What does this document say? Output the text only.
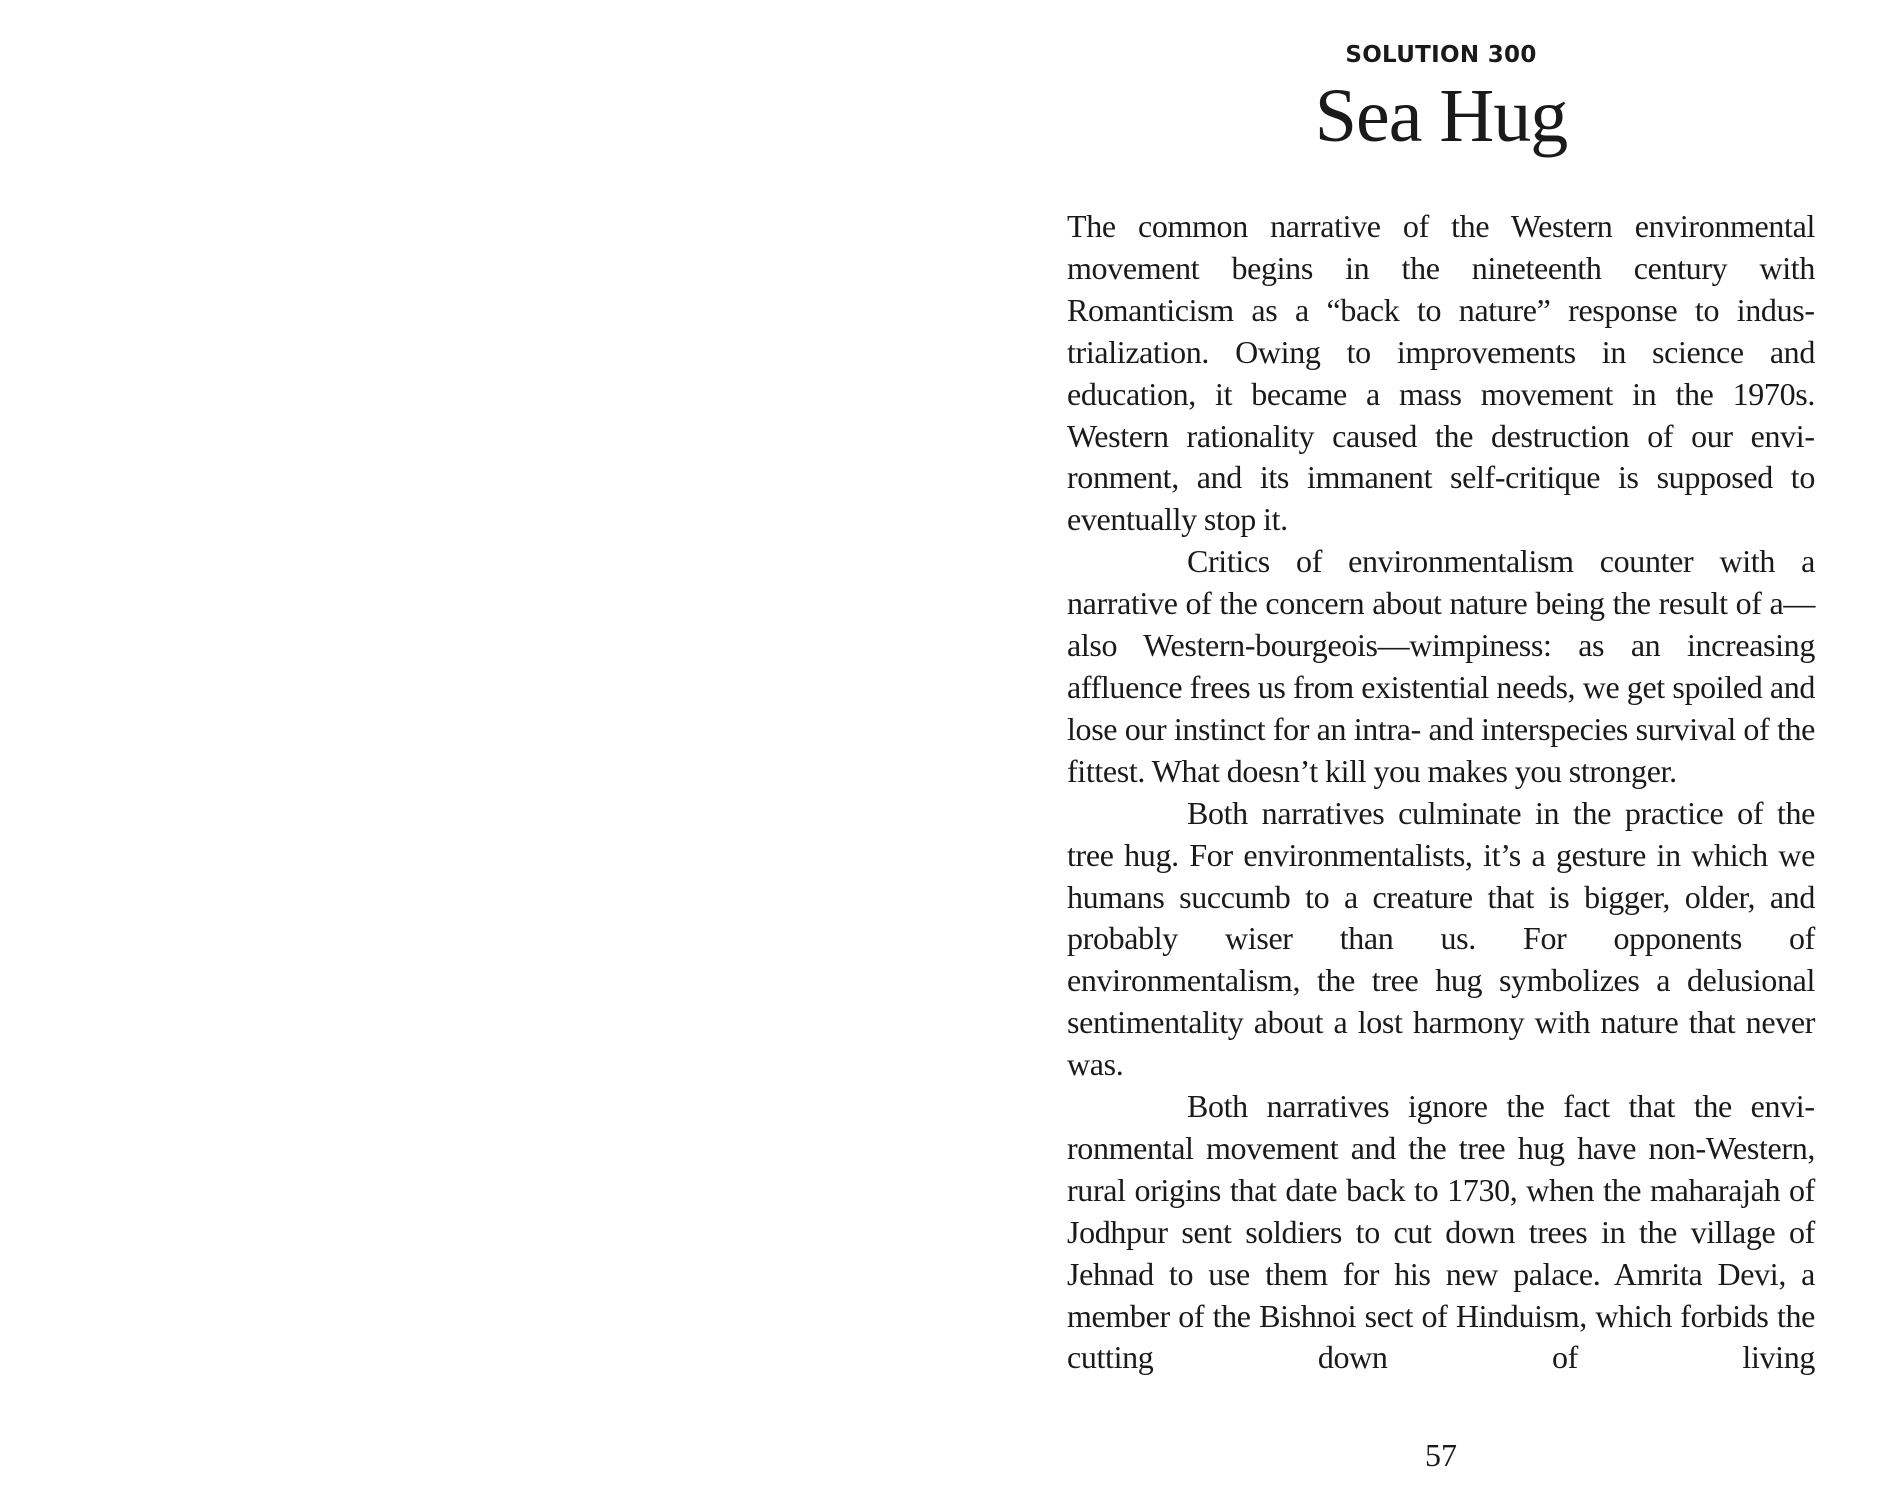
SOLUTION 300
Sea Hug

The common narrative of the Western environmental movement begins in the nineteenth century with Romanticism as a “back to nature” response to industrialization. Owing to improvements in science and education, it became a mass movement in the 1970s. Western rationality caused the destruction of our environment, and its immanent self-critique is supposed to eventually stop it.

Critics of environmentalism counter with a narrative of the concern about nature being the result of a—also Western-bourgeois—wimpiness: as an increasing affluence frees us from existential needs, we get spoiled and lose our instinct for an intra- and interspecies survival of the fittest. What doesn’t kill you makes you stronger.

Both narratives culminate in the practice of the tree hug. For environmentalists, it’s a gesture in which we humans succumb to a creature that is bigger, older, and probably wiser than us. For opponents of environmentalism, the tree hug symbolizes a delusional sentimentality about a lost harmony with nature that never was.

Both narratives ignore the fact that the environmental movement and the tree hug have non-Western, rural origins that date back to 1730, when the maharajah of Jodhpur sent soldiers to cut down trees in the village of Jehnad to use them for his new palace. Amrita Devi, a member of the Bishnoi sect of Hinduism, which forbids the cutting down of living

57
